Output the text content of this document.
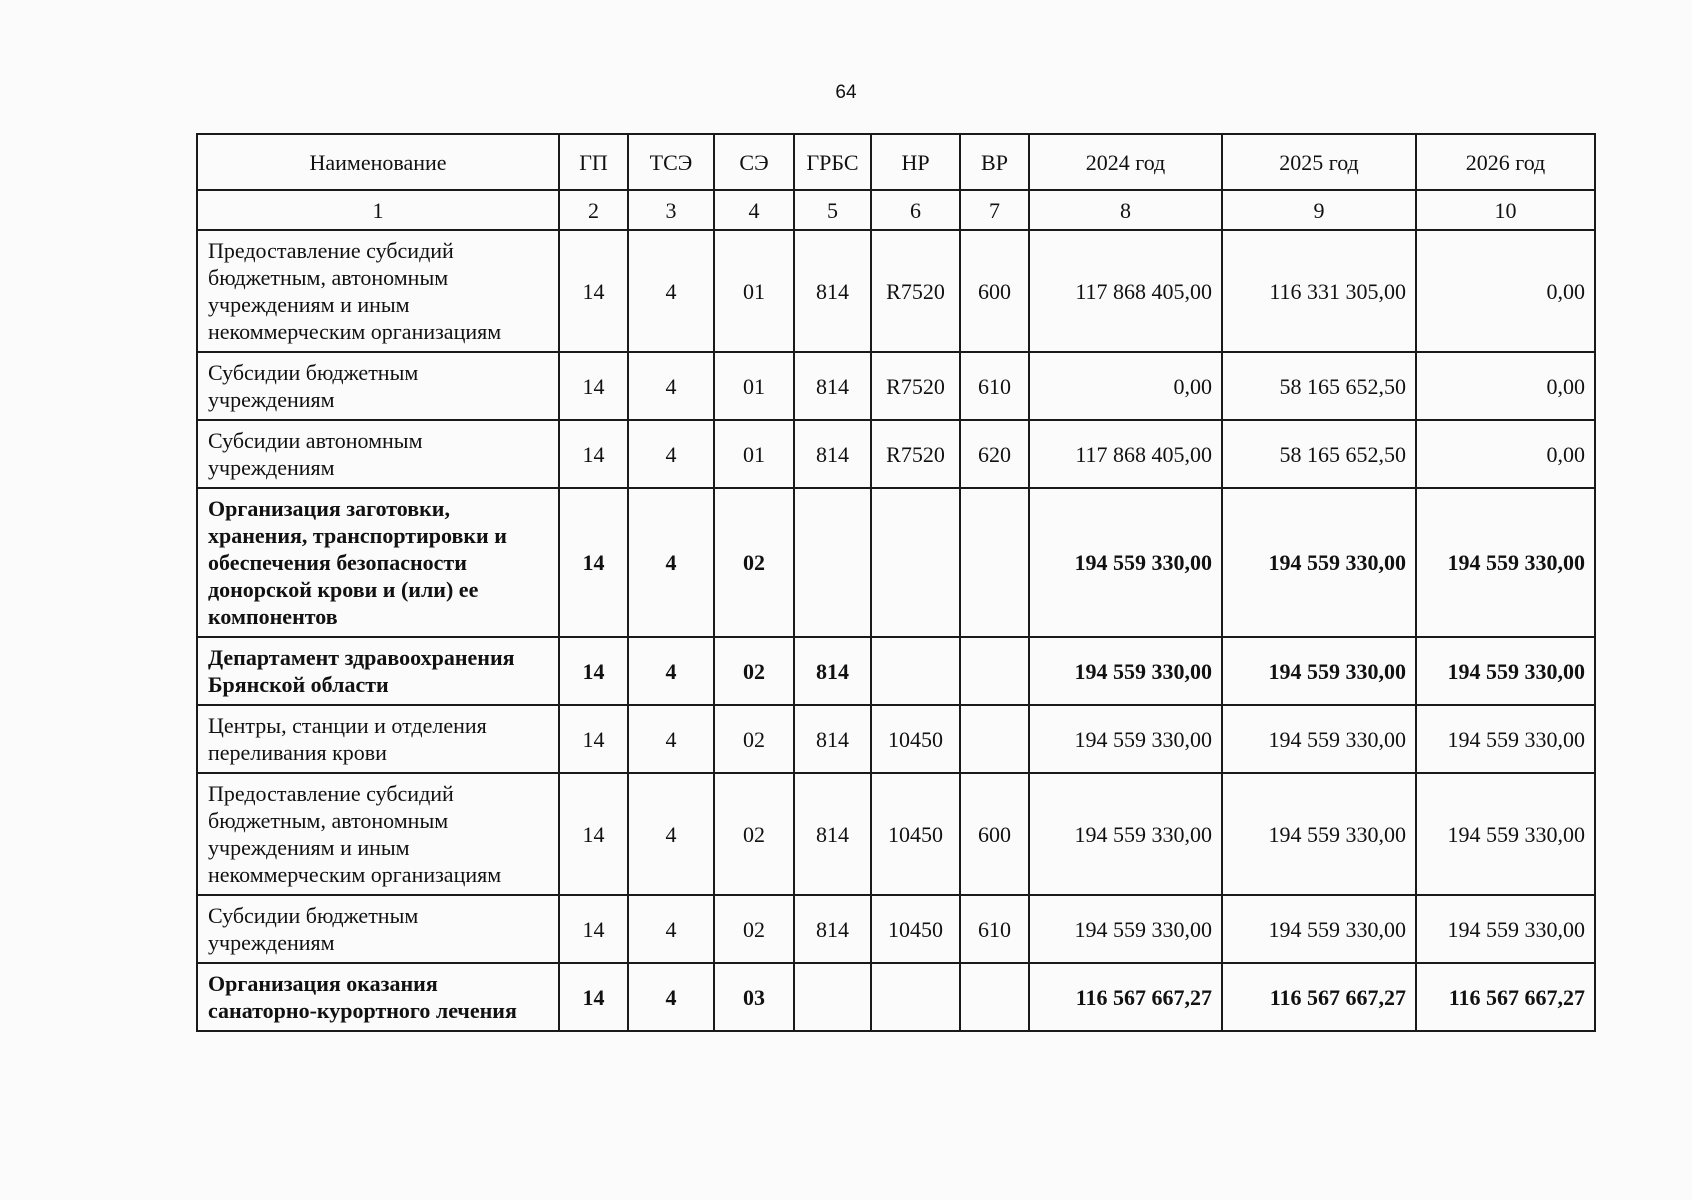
64
Наименование	ГП	ТСЭ	СЭ	ГРБС	НР	ВР	2024 год	2025 год	2026 год
1	2	3	4	5	6	7	8	9	10
Предоставление субсидий бюджетным, автономным учреждениям и иным некоммерческим организациям	14	4	01	814	R7520	600	117 868 405,00	116 331 305,00	0,00
Субсидии бюджетным учреждениям	14	4	01	814	R7520	610	0,00	58 165 652,50	0,00
Субсидии автономным учреждениям	14	4	01	814	R7520	620	117 868 405,00	58 165 652,50	0,00
Организация заготовки, хранения, транспортировки и обеспечения безопасности донорской крови и (или) ее компонентов	14	4	02				194 559 330,00	194 559 330,00	194 559 330,00
Департамент здравоохранения Брянской области	14	4	02	814			194 559 330,00	194 559 330,00	194 559 330,00
Центры, станции и отделения переливания крови	14	4	02	814	10450		194 559 330,00	194 559 330,00	194 559 330,00
Предоставление субсидий бюджетным, автономным учреждениям и иным некоммерческим организациям	14	4	02	814	10450	600	194 559 330,00	194 559 330,00	194 559 330,00
Субсидии бюджетным учреждениям	14	4	02	814	10450	610	194 559 330,00	194 559 330,00	194 559 330,00
Организация оказания санаторно-курортного лечения	14	4	03				116 567 667,27	116 567 667,27	116 567 667,27
